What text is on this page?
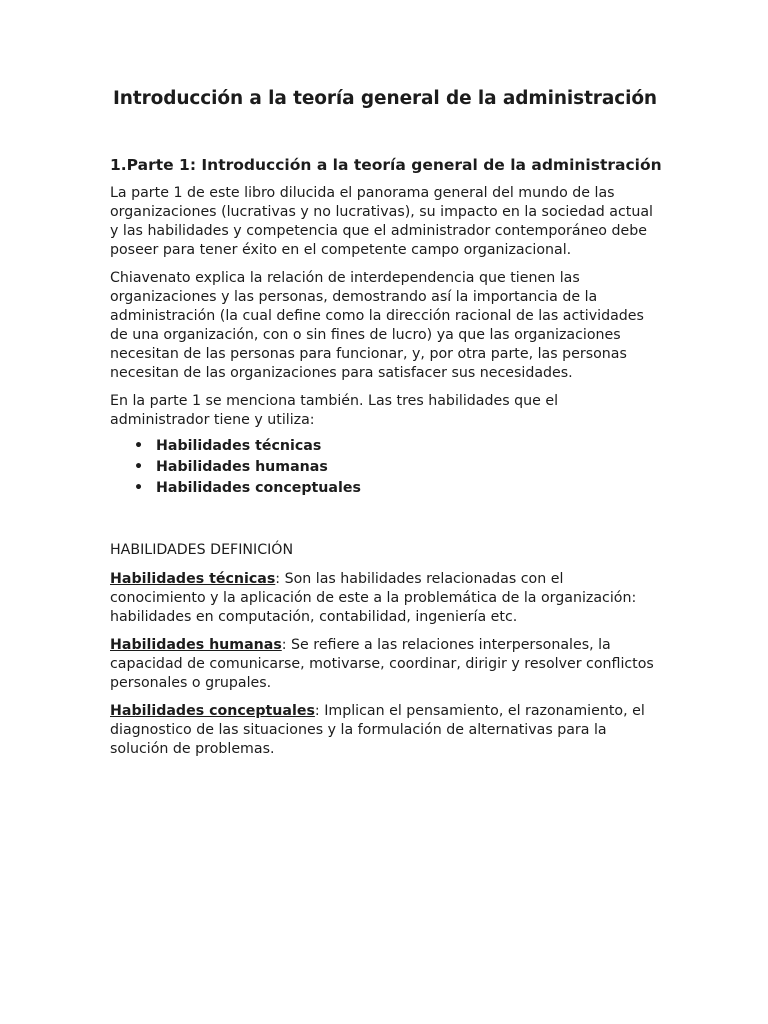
Introducción a la teoría general de la administración
1.Parte 1: Introducción a la teoría general de la administración

La parte 1 de este libro dilucida el panorama general del mundo de las organizaciones (lucrativas y no lucrativas), su impacto en la sociedad actual y las habilidades y competencia que el administrador contemporáneo debe poseer para tener éxito en el competente campo organizacional.

Chiavenato explica la relación de interdependencia que tienen las organizaciones y las personas, demostrando así la importancia de la administración (la cual define como la dirección racional de las actividades de una organización, con o sin fines de lucro) ya que las organizaciones necesitan de las personas para funcionar, y, por otra parte, las personas necesitan de las organizaciones para satisfacer sus necesidades.

En la parte 1 se menciona también. Las tres habilidades que el administrador tiene y utiliza:

• Habilidades técnicas
• Habilidades humanas
• Habilidades conceptuales

HABILIDADES DEFINICIÓN

Habilidades técnicas: Son las habilidades relacionadas con el conocimiento y la aplicación de este a la problemática de la organización: habilidades en computación, contabilidad, ingeniería etc.

Habilidades humanas: Se refiere a las relaciones interpersonales, la capacidad de comunicarse, motivarse, coordinar, dirigir y resolver conflictos personales o grupales.

Habilidades conceptuales: Implican el pensamiento, el razonamiento, el diagnostico de las situaciones y la formulación de alternativas para la solución de problemas.
